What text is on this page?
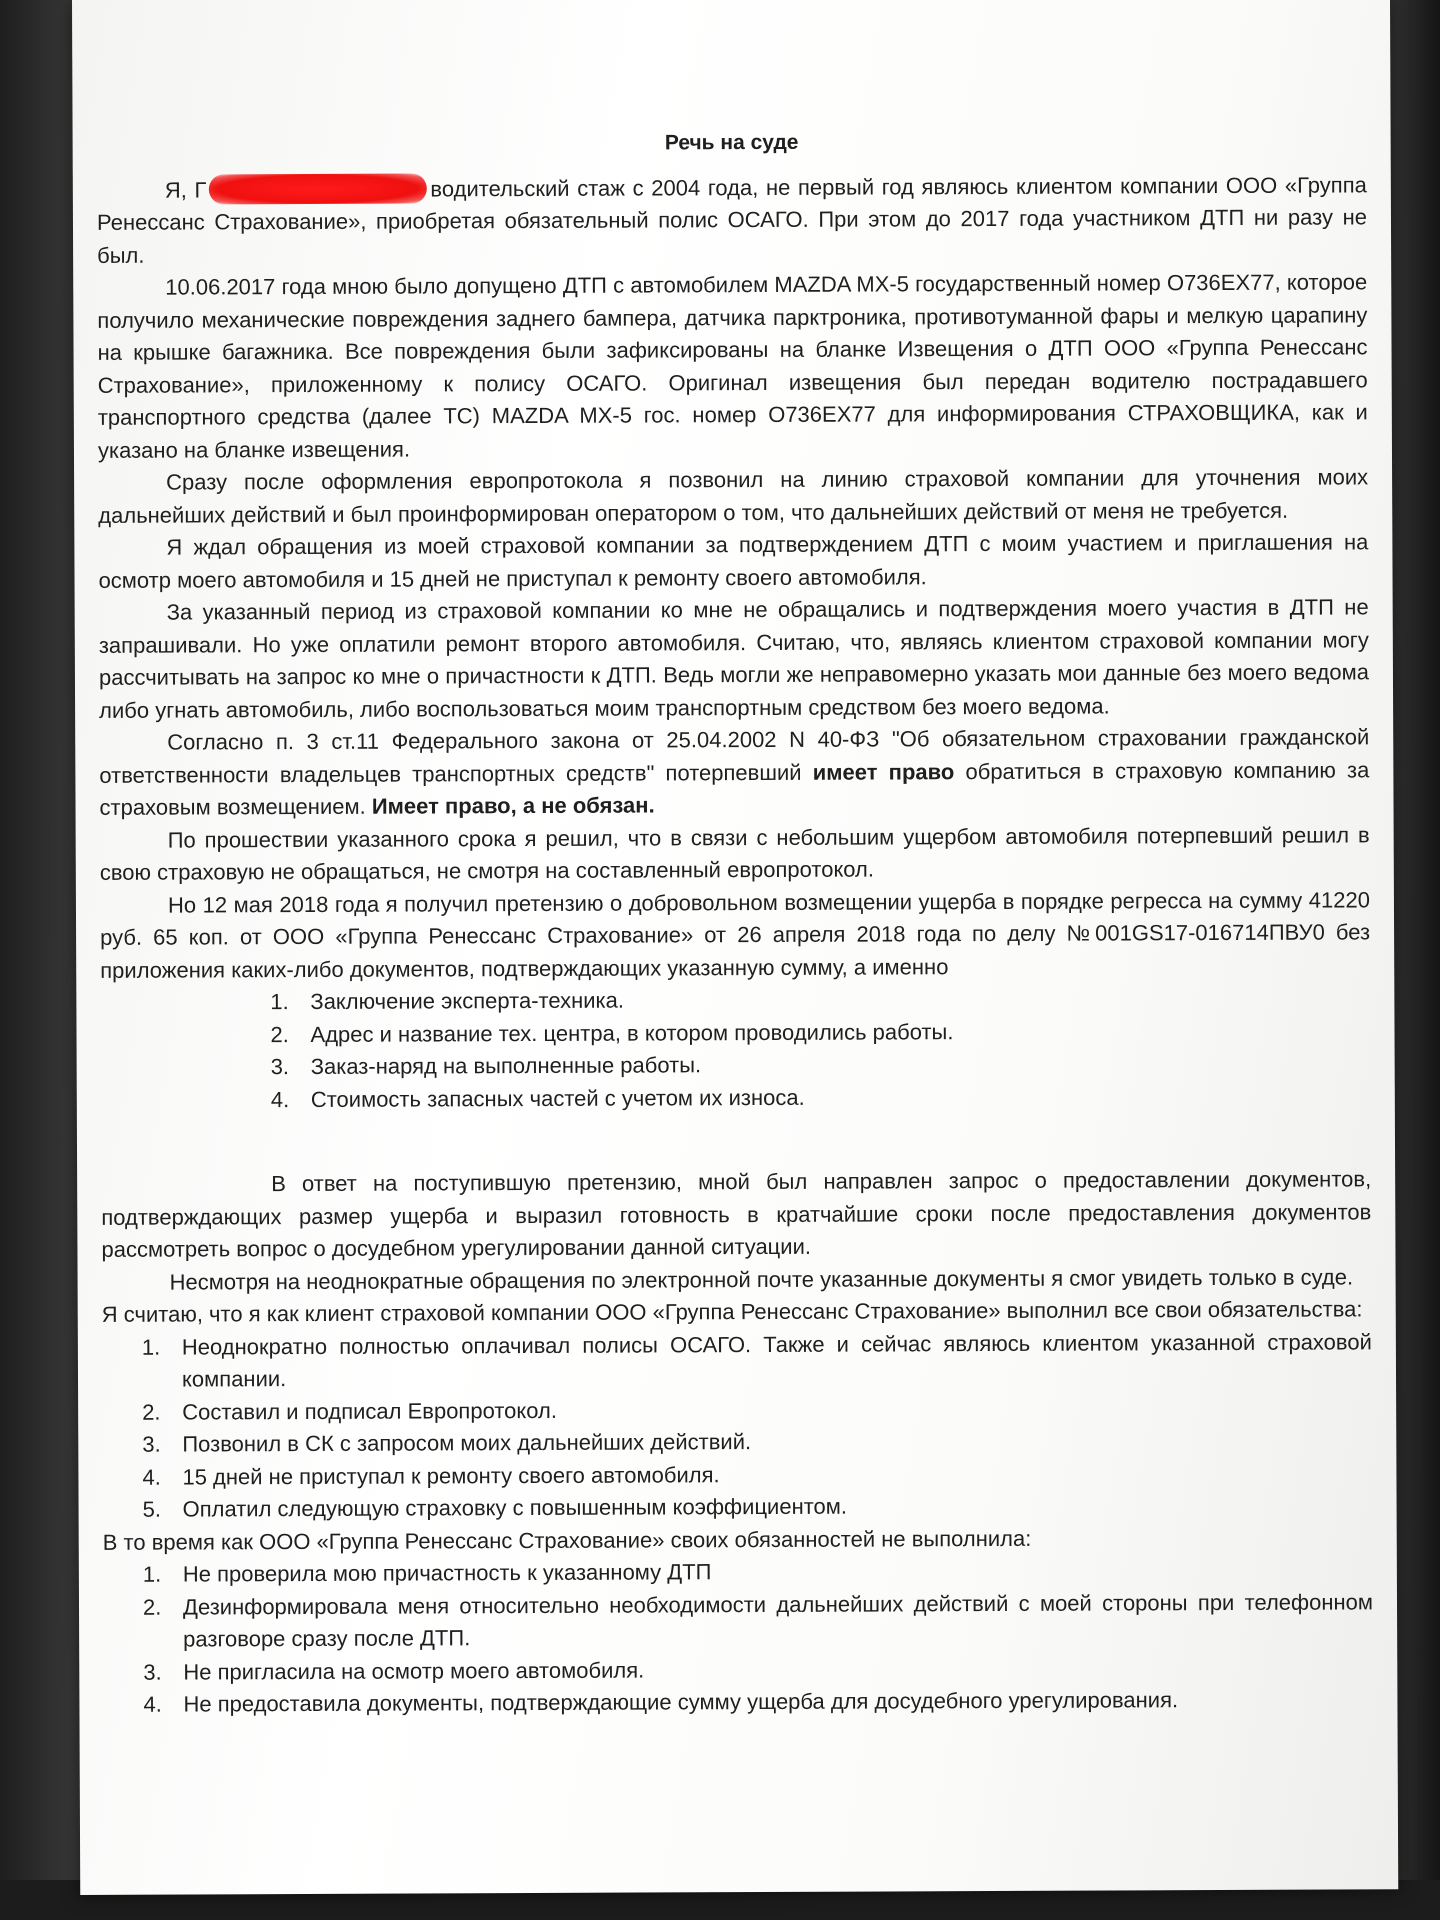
Речь на суде

Я, Г	водительский стаж с 2004 года, не первый год являюсь клиентом компании ООО «Группа Ренессанс Страхование», приобретая обязательный полис ОСАГО. При этом до 2017 года участником ДТП ни разу не был.

10.06.2017 года мною было допущено ДТП с автомобилем MAZDA MX-5 государственный номер О736ЕХ77, которое получило механические повреждения заднего бампера, датчика парктроника, противотуманной фары и мелкую царапину на крышке багажника. Все повреждения были зафиксированы на бланке Извещения о ДТП ООО «Группа Ренессанс Страхование», приложенному к полису ОСАГО. Оригинал извещения был передан водителю пострадавшего транспортного средства (далее ТС) MAZDA MX-5 гос. номер О736ЕХ77 для информирования СТРАХОВЩИКА, как и указано на бланке извещения.

Сразу после оформления европротокола я позвонил на линию страховой компании для уточнения моих дальнейших действий и был проинформирован оператором о том, что дальнейших действий от меня не требуется.

Я ждал обращения из моей страховой компании за подтверждением ДТП с моим участием и приглашения на осмотр моего автомобиля и 15 дней не приступал к ремонту своего автомобиля.

За указанный период из страховой компании ко мне не обращались и подтверждения моего участия в ДТП не запрашивали. Но уже оплатили ремонт второго автомобиля. Считаю, что, являясь клиентом страховой компании могу рассчитывать на запрос ко мне о причастности к ДТП. Ведь могли же неправомерно указать мои данные без моего ведома либо угнать автомобиль, либо воспользоваться моим транспортным средством без моего ведома.

Согласно п. 3 ст.11 Федерального закона от 25.04.2002 N 40-ФЗ "Об обязательном страховании гражданской ответственности владельцев транспортных средств" потерпевший имеет право обратиться в страховую компанию за страховым возмещением. Имеет право, а не обязан.

По прошествии указанного срока я решил, что в связи с небольшим ущербом автомобиля потерпевший решил в свою страховую не обращаться, не смотря на составленный европротокол.

Но 12 мая 2018 года я получил претензию о добровольном возмещении ущерба в порядке регресса на сумму 41220 руб. 65 коп. от ООО «Группа Ренессанс Страхование» от 26 апреля 2018 года по делу №001GS17-016714ПВУ0 без приложения каких-либо документов, подтверждающих указанную сумму, а именно

1. Заключение эксперта-техника.
2. Адрес и название тех. центра, в котором проводились работы.
3. Заказ-наряд на выполненные работы.
4. Стоимость запасных частей с учетом их износа.

В ответ на поступившую претензию, мной был направлен запрос о предоставлении документов, подтверждающих размер ущерба и выразил готовность в кратчайшие сроки после предоставления документов рассмотреть вопрос о досудебном урегулировании данной ситуации.

Несмотря на неоднократные обращения по электронной почте указанные документы я смог увидеть только в суде.

Я считаю, что я как клиент страховой компании ООО «Группа Ренессанс Страхование» выполнил все свои обязательства:

1. Неоднократно полностью оплачивал полисы ОСАГО. Также и сейчас являюсь клиентом указанной страховой компании.
2. Составил и подписал Европротокол.
3. Позвонил в СК с запросом моих дальнейших действий.
4. 15 дней не приступал к ремонту своего автомобиля.
5. Оплатил следующую страховку с повышенным коэффициентом.

В то время как ООО «Группа Ренессанс Страхование» своих обязанностей не выполнила:

1. Не проверила мою причастность к указанному ДТП
2. Дезинформировала меня относительно необходимости дальнейших действий с моей стороны при телефонном разговоре сразу после ДТП.
3. Не пригласила на осмотр моего автомобиля.
4. Не предоставила документы, подтверждающие сумму ущерба для досудебного урегулирования.
